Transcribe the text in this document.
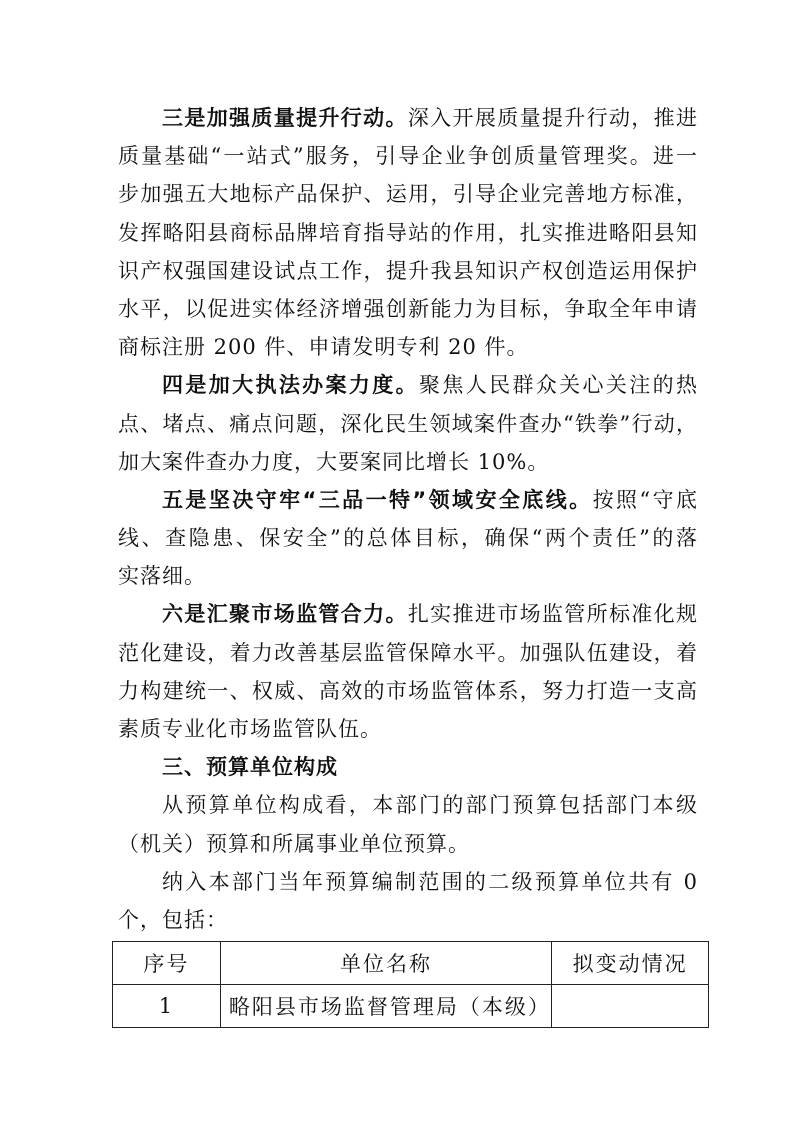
三是加强质量提升行动。深入开展质量提升行动，推进
质量基础“一站式”服务，引导企业争创质量管理奖。进一
步加强五大地标产品保护、运用，引导企业完善地方标准，
发挥略阳县商标品牌培育指导站的作用，扎实推进略阳县知
识产权强国建设试点工作，提升我县知识产权创造运用保护
水平，以促进实体经济增强创新能力为目标，争取全年申请
商标注册 200 件、申请发明专利 20 件。
四是加大执法办案力度。聚焦人民群众关心关注的热
点、堵点、痛点问题，深化民生领域案件查办“铁拳”行动，
加大案件查办力度，大要案同比增长 10%。
五是坚决守牢“三品一特”领域安全底线。按照“守底
线、查隐患、保安全”的总体目标，确保“两个责任”的落
实落细。
六是汇聚市场监管合力。扎实推进市场监管所标准化规
范化建设，着力改善基层监管保障水平。加强队伍建设，着
力构建统一、权威、高效的市场监管体系，努力打造一支高
素质专业化市场监管队伍。
三、预算单位构成
从预算单位构成看，本部门的部门预算包括部门本级
（机关）预算和所属事业单位预算。
纳入本部门当年预算编制范围的二级预算单位共有 0
个，包括：
序号	单位名称	拟变动情况
1	略阳县市场监督管理局（本级）	
